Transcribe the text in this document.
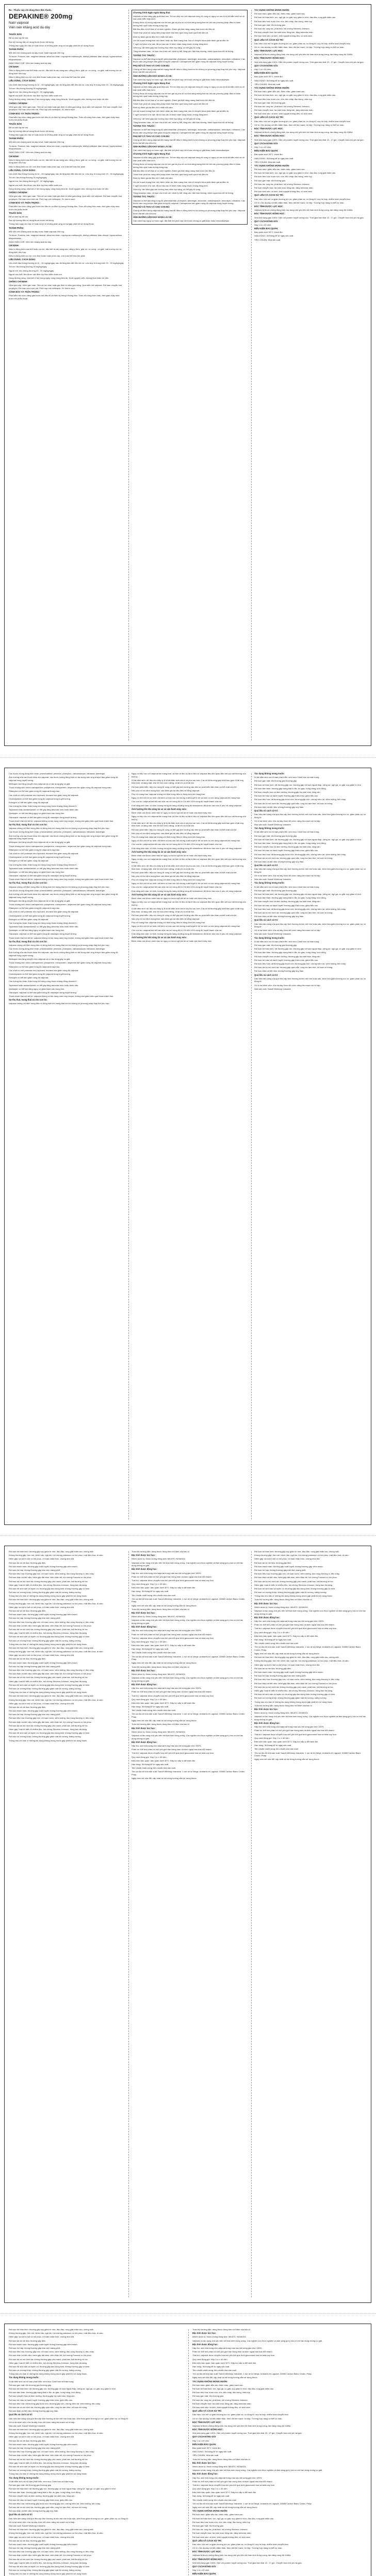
Rx - Thuốc này chỉ dùng theo đơn thuốc.

DEPAKINE® 200mg

Natri valproat

Viên nén kháng acid dạ dày

THUỐC BÁN

Để xa tầm tay trẻ em.

Đọc kỹ hướng dẫn sử dụng thuốc trước khi dùng.

Thông báo ngay cho bác sĩ hoặc dược sĩ những phản ứng có hại gặp phải khi sử dụng thuốc.

THÀNH PHẦN:

Mỗi viên nén kháng acid dạ dày chứa: Natri valproat 200 mg.

Tá dược: Povidon, talc, magnesi stearat, silica keo khan, copolymer methacrylic, diethyl phthalat, titan dioxyd, hypromellose, ethylcellulose...

DẠNG BÀO CHẾ: Viên nén kháng acid dạ dày.

CHỈ ĐỊNH:

Điều trị động kinh toàn thể hoặc cục bộ, đặc biệt là các dạng sau: vắng ý thức, giật cơ, co cứng - co giật, mất trương lực và động kinh hỗn hợp.

Điều trị động kinh cục bộ: cơn đơn thuần hoặc phức tạp, cơn toàn thể hóa thứ phát.

LIỀU DÙNG, CÁCH DÙNG:

Liều khởi đầu thông thường là 10 - 15 mg/kg/ngày, sau đó tăng dần đến liều tối ưu. Liều duy trì trung bình 20 - 30 mg/kg/ngày.

Trẻ em: liều thông thường 30 mg/kg/ngày.

Người lớn: liều thông thường 20 - 30 mg/kg/ngày.

Người cao tuổi: liều được xác định tùy theo kiểm soát cơn.

Dùng đường uống, chia làm 2 lần trong ngày, uống trong bữa ăn. Nuốt nguyên viên, không nhai hoặc bẻ viên.

CHỐNG CHỈ ĐỊNH:

Viêm gan cấp. Viêm gan mạn. Tiền sử cá nhân hoặc gia đình bị viêm gan nặng. Quá mẫn với valproat. Rối loạn chuyển hóa porphyrin. Rối loạn chu trình urê. Phối hợp với mefloquin, St John's wort.

CẢNH BÁO VÀ THẬN TRỌNG:

Phải kiểm tra chức năng gan trước khi điều trị và định kỳ trong 6 tháng đầu. Theo dõi công thức máu, thời gian chảy máu trước khi phẫu thuật.

THUỐC BÁN

Để xa tầm tay trẻ em.

Đọc kỹ hướng dẫn sử dụng thuốc trước khi dùng.

Thông báo ngay cho bác sĩ hoặc dược sĩ những phản ứng có hại gặp phải khi sử dụng thuốc.

THÀNH PHẦN:

Mỗi viên nén kháng acid dạ dày chứa: Natri valproat 200 mg.

Tá dược: Povidon, talc, magnesi stearat, silica keo khan, copolymer methacrylic, diethyl phthalat, titan dioxyd, hypromellose, ethylcellulose...

DẠNG BÀO CHẾ: Viên nén kháng acid dạ dày.

CHỈ ĐỊNH:

Điều trị động kinh toàn thể hoặc cục bộ, đặc biệt là các dạng sau: vắng ý thức, giật cơ, co cứng - co giật, mất trương lực và động kinh hỗn hợp.

Điều trị động kinh cục bộ: cơn đơn thuần hoặc phức tạp, cơn toàn thể hóa thứ phát.

LIỀU DÙNG, CÁCH DÙNG:

Liều khởi đầu thông thường là 10 - 15 mg/kg/ngày, sau đó tăng dần đến liều tối ưu. Liều duy trì trung bình 20 - 30 mg/kg/ngày.

Trẻ em: liều thông thường 30 mg/kg/ngày.

Người lớn: liều thông thường 20 - 30 mg/kg/ngày.

Người cao tuổi: liều được xác định tùy theo kiểm soát cơn.

Dùng đường uống, chia làm 2 lần trong ngày, uống trong bữa ăn. Nuốt nguyên viên, không nhai hoặc bẻ viên.

CHỐNG CHỈ ĐỊNH:

Viêm gan cấp. Viêm gan mạn. Tiền sử cá nhân hoặc gia đình bị viêm gan nặng. Quá mẫn với valproat. Rối loạn chuyển hóa porphyrin. Rối loạn chu trình urê. Phối hợp với mefloquin, St John's wort.

CẢNH BÁO VÀ THẬN TRỌNG:

Phải kiểm tra chức năng gan trước khi điều trị và định kỳ trong 6 tháng đầu. Theo dõi công thức máu, thời gian chảy máu trước khi phẫu thuật.

THUỐC BÁN

Để xa tầm tay trẻ em.

Đọc kỹ hướng dẫn sử dụng thuốc trước khi dùng.

Thông báo ngay cho bác sĩ hoặc dược sĩ những phản ứng có hại gặp phải khi sử dụng thuốc.

THÀNH PHẦN:

Mỗi viên nén kháng acid dạ dày chứa: Natri valproat 200 mg.

Tá dược: Povidon, talc, magnesi stearat, silica keo khan, copolymer methacrylic, diethyl phthalat, titan dioxyd, hypromellose, ethylcellulose...

DẠNG BÀO CHẾ: Viên nén kháng acid dạ dày.

CHỈ ĐỊNH:

Điều trị động kinh toàn thể hoặc cục bộ, đặc biệt là các dạng sau: vắng ý thức, giật cơ, co cứng - co giật, mất trương lực và động kinh hỗn hợp.

Điều trị động kinh cục bộ: cơn đơn thuần hoặc phức tạp, cơn toàn thể hóa thứ phát.

LIỀU DÙNG, CÁCH DÙNG:

Liều khởi đầu thông thường là 10 - 15 mg/kg/ngày, sau đó tăng dần đến liều tối ưu. Liều duy trì trung bình 20 - 30 mg/kg/ngày.

Trẻ em: liều thông thường 30 mg/kg/ngày.

Người lớn: liều thông thường 20 - 30 mg/kg/ngày.

Người cao tuổi: liều được xác định tùy theo kiểm soát cơn.

Dùng đường uống, chia làm 2 lần trong ngày, uống trong bữa ăn. Nuốt nguyên viên, không nhai hoặc bẻ viên.

CHỐNG CHỈ ĐỊNH:

Viêm gan cấp. Viêm gan mạn. Tiền sử cá nhân hoặc gia đình bị viêm gan nặng. Quá mẫn với valproat. Rối loạn chuyển hóa porphyrin. Rối loạn chu trình urê. Phối hợp với mefloquin, St John's wort.

CẢNH BÁO VÀ THẬN TRỌNG:

Phải kiểm tra chức năng gan trước khi điều trị và định kỳ trong 6 tháng đầu. Theo dõi công thức máu, thời gian chảy máu trước khi phẫu thuật.

Chương trình Ngăn ngừa Mang thai:

Valproat có khả năng gây quái thai cao. Trẻ em tiếp xúc với valproat trong tử cung có nguy cơ cao bị dị tật bẩm sinh và rối loạn phát triển thần kinh.

Không được sử dụng valproat cho trẻ em gái và phụ nữ có khả năng mang thai trừ khi các phương pháp điều trị khác không hiệu quả hoặc không dung nạp.

Bắt đầu điều trị bởi bác sĩ có kinh nghiệm. Đánh giá khả năng mang thai trước khi điều trị.

Tránh thai: phải sử dụng biện pháp tránh thai hiệu quả trong suốt quá trình điều trị.

Định kỳ đánh giá lại điều trị ít nhất mỗi năm.

Lên kế hoạch mang thai: nếu bệnh nhân dự định mang thai, bác sĩ chuyên khoa phải đánh giá lại điều trị.

Ý nghĩ và hành vi tự sát: đã có báo cáo ở bệnh nhân dùng thuốc chống động kinh.

Viêm tụy: rất hiếm gặp các trường hợp viêm tụy nặng, có thể gây tử vong.

Tăng amoniac máu, rối loạn chu trình urê, bệnh ty thể, tăng cân, đái tháo đường, bệnh lupus ban đỏ hệ thống.

TƯƠNG TÁC THUỐC:

Valproat có thể làm tăng nồng độ phenobarbital, phenytoin, lamotrigin, zidovudin, carbamazepin, nimodipin, rufinamid. Các thuốc cảm ứng enzym làm giảm nồng độ valproat. Carbapenem làm giảm nồng độ valproat trong huyết tương.

PHỤ NỮ CÓ THAI VÀ CHO CON BÚ:

Chống chỉ định dùng valproat khi mang thai để điều trị động kinh trừ khi không có phương pháp thay thế phù hợp. Valproat được bài tiết vào sữa mẹ.

ẢNH HƯỞNG LÊN KHẢ NĂNG LÁI XE:

Cần cảnh báo nguy cơ buồn ngủ, đặc biệt khi phối hợp với thuốc chống co giật khác hoặc benzodiazepin.

Chương trình Ngăn ngừa Mang thai:

Valproat có khả năng gây quái thai cao. Trẻ em tiếp xúc với valproat trong tử cung có nguy cơ cao bị dị tật bẩm sinh và rối loạn phát triển thần kinh.

Không được sử dụng valproat cho trẻ em gái và phụ nữ có khả năng mang thai trừ khi các phương pháp điều trị khác không hiệu quả hoặc không dung nạp.

Bắt đầu điều trị bởi bác sĩ có kinh nghiệm. Đánh giá khả năng mang thai trước khi điều trị.

Tránh thai: phải sử dụng biện pháp tránh thai hiệu quả trong suốt quá trình điều trị.

Định kỳ đánh giá lại điều trị ít nhất mỗi năm.

Lên kế hoạch mang thai: nếu bệnh nhân dự định mang thai, bác sĩ chuyên khoa phải đánh giá lại điều trị.

Ý nghĩ và hành vi tự sát: đã có báo cáo ở bệnh nhân dùng thuốc chống động kinh.

Viêm tụy: rất hiếm gặp các trường hợp viêm tụy nặng, có thể gây tử vong.

Tăng amoniac máu, rối loạn chu trình urê, bệnh ty thể, tăng cân, đái tháo đường, bệnh lupus ban đỏ hệ thống.

TƯƠNG TÁC THUỐC:

Valproat có thể làm tăng nồng độ phenobarbital, phenytoin, lamotrigin, zidovudin, carbamazepin, nimodipin, rufinamid. Các thuốc cảm ứng enzym làm giảm nồng độ valproat. Carbapenem làm giảm nồng độ valproat trong huyết tương.

PHỤ NỮ CÓ THAI VÀ CHO CON BÚ:

Chống chỉ định dùng valproat khi mang thai để điều trị động kinh trừ khi không có phương pháp thay thế phù hợp. Valproat được bài tiết vào sữa mẹ.

ẢNH HƯỞNG LÊN KHẢ NĂNG LÁI XE:

Cần cảnh báo nguy cơ buồn ngủ, đặc biệt khi phối hợp với thuốc chống co giật khác hoặc benzodiazepin.

Chương trình Ngăn ngừa Mang thai:

Valproat có khả năng gây quái thai cao. Trẻ em tiếp xúc với valproat trong tử cung có nguy cơ cao bị dị tật bẩm sinh và rối loạn phát triển thần kinh.

Không được sử dụng valproat cho trẻ em gái và phụ nữ có khả năng mang thai trừ khi các phương pháp điều trị khác không hiệu quả hoặc không dung nạp.

Bắt đầu điều trị bởi bác sĩ có kinh nghiệm. Đánh giá khả năng mang thai trước khi điều trị.

Tránh thai: phải sử dụng biện pháp tránh thai hiệu quả trong suốt quá trình điều trị.

Định kỳ đánh giá lại điều trị ít nhất mỗi năm.

Lên kế hoạch mang thai: nếu bệnh nhân dự định mang thai, bác sĩ chuyên khoa phải đánh giá lại điều trị.

Ý nghĩ và hành vi tự sát: đã có báo cáo ở bệnh nhân dùng thuốc chống động kinh.

Viêm tụy: rất hiếm gặp các trường hợp viêm tụy nặng, có thể gây tử vong.

Tăng amoniac máu, rối loạn chu trình urê, bệnh ty thể, tăng cân, đái tháo đường, bệnh lupus ban đỏ hệ thống.

TƯƠNG TÁC THUỐC:

Valproat có thể làm tăng nồng độ phenobarbital, phenytoin, lamotrigin, zidovudin, carbamazepin, nimodipin, rufinamid. Các thuốc cảm ứng enzym làm giảm nồng độ valproat. Carbapenem làm giảm nồng độ valproat trong huyết tương.

PHỤ NỮ CÓ THAI VÀ CHO CON BÚ:

Chống chỉ định dùng valproat khi mang thai để điều trị động kinh trừ khi không có phương pháp thay thế phù hợp. Valproat được bài tiết vào sữa mẹ.

ẢNH HƯỞNG LÊN KHẢ NĂNG LÁI XE:

Cần cảnh báo nguy cơ buồn ngủ, đặc biệt khi phối hợp với thuốc chống co giật khác hoặc benzodiazepin.

TÁC DỤNG KHÔNG MONG MUỐN:

Rối loạn máu: giảm tiểu cầu, thiếu máu, giảm bạch cầu.

Rối loạn hệ thần kinh: run, ngủ gà, co giật, suy giảm trí nhớ, đau đầu, rung giật nhãn cầu.

Rối loạn tiêu hóa: buồn nôn, nôn, tiêu chảy, đau bụng, viêm tụy.

Rối loạn gan mật: tổn thương gan.

Rối loạn da: rụng tóc, phát ban, hội chứng Stevens-Johnson.

Rối loạn chuyển hóa: hạ natri máu, tăng cân, tăng amoniac máu.

Rối loạn sinh sản: vô kinh, kinh nguyệt không đều, vô sinh nam.

QUÁ LIỀU VÀ CÁCH XỬ TRÍ:

Dấu hiệu: hôn mê có giảm trương lực cơ, giảm phản xạ, co đồng tử, suy hô hấp, nhiễm toan chuyển hóa.

Xử trí: rửa dạ dày, lợi tiểu thẩm thấu, theo dõi tim mạch, hô hấp. Trường hợp nặng có thể lọc máu.

ĐẶC TÍNH DƯỢC LỰC HỌC:

Valproat là thuốc chống động kinh, tác dụng chủ yếu trên hệ thần kinh trung ương, làm tăng nồng độ GABA.

ĐẶC TÍNH DƯỢC ĐỘNG HỌC:

Sinh khả dụng gần 100%. Gắn với protein huyết tương cao. Thời gian bán thải 15 - 17 giờ. Chuyển hóa chủ yếu tại gan.

QUY CÁCH ĐÓNG GÓI:

Hộp 1 lọ x 40 viên.

ĐIỀU KIỆN BẢO QUẢN:

Bảo quản dưới 30°C, tránh ẩm.

HẠN DÙNG: 36 tháng kể từ ngày sản xuất.

TIÊU CHUẨN: Nhà sản xuất.

TÁC DỤNG KHÔNG MONG MUỐN:

Rối loạn máu: giảm tiểu cầu, thiếu máu, giảm bạch cầu.

Rối loạn hệ thần kinh: run, ngủ gà, co giật, suy giảm trí nhớ, đau đầu, rung giật nhãn cầu.

Rối loạn tiêu hóa: buồn nôn, nôn, tiêu chảy, đau bụng, viêm tụy.

Rối loạn gan mật: tổn thương gan.

Rối loạn da: rụng tóc, phát ban, hội chứng Stevens-Johnson.

Rối loạn chuyển hóa: hạ natri máu, tăng cân, tăng amoniac máu.

Rối loạn sinh sản: vô kinh, kinh nguyệt không đều, vô sinh nam.

QUÁ LIỀU VÀ CÁCH XỬ TRÍ:

Dấu hiệu: hôn mê có giảm trương lực cơ, giảm phản xạ, co đồng tử, suy hô hấp, nhiễm toan chuyển hóa.

Xử trí: rửa dạ dày, lợi tiểu thẩm thấu, theo dõi tim mạch, hô hấp. Trường hợp nặng có thể lọc máu.

ĐẶC TÍNH DƯỢC LỰC HỌC:

Valproat là thuốc chống động kinh, tác dụng chủ yếu trên hệ thần kinh trung ương, làm tăng nồng độ GABA.

ĐẶC TÍNH DƯỢC ĐỘNG HỌC:

Sinh khả dụng gần 100%. Gắn với protein huyết tương cao. Thời gian bán thải 15 - 17 giờ. Chuyển hóa chủ yếu tại gan.

QUY CÁCH ĐÓNG GÓI:

Hộp 1 lọ x 40 viên.

ĐIỀU KIỆN BẢO QUẢN:

Bảo quản dưới 30°C, tránh ẩm.

HẠN DÙNG: 36 tháng kể từ ngày sản xuất.

TIÊU CHUẨN: Nhà sản xuất.

TÁC DỤNG KHÔNG MONG MUỐN:

Rối loạn máu: giảm tiểu cầu, thiếu máu, giảm bạch cầu.

Rối loạn hệ thần kinh: run, ngủ gà, co giật, suy giảm trí nhớ, đau đầu, rung giật nhãn cầu.

Rối loạn tiêu hóa: buồn nôn, nôn, tiêu chảy, đau bụng, viêm tụy.

Rối loạn gan mật: tổn thương gan.

Rối loạn da: rụng tóc, phát ban, hội chứng Stevens-Johnson.

Rối loạn chuyển hóa: hạ natri máu, tăng cân, tăng amoniac máu.

Rối loạn sinh sản: vô kinh, kinh nguyệt không đều, vô sinh nam.

QUÁ LIỀU VÀ CÁCH XỬ TRÍ:

Dấu hiệu: hôn mê có giảm trương lực cơ, giảm phản xạ, co đồng tử, suy hô hấp, nhiễm toan chuyển hóa.

Xử trí: rửa dạ dày, lợi tiểu thẩm thấu, theo dõi tim mạch, hô hấp. Trường hợp nặng có thể lọc máu.

ĐẶC TÍNH DƯỢC LỰC HỌC:

Valproat là thuốc chống động kinh, tác dụng chủ yếu trên hệ thần kinh trung ương, làm tăng nồng độ GABA.

ĐẶC TÍNH DƯỢC ĐỘNG HỌC:

Sinh khả dụng gần 100%. Gắn với protein huyết tương cao. Thời gian bán thải 15 - 17 giờ. Chuyển hóa chủ yếu tại gan.

QUY CÁCH ĐÓNG GÓI:

Hộp 1 lọ x 40 viên.

ĐIỀU KIỆN BẢO QUẢN:

Bảo quản dưới 30°C, tránh ẩm.

HẠN DÙNG: 36 tháng kể từ ngày sản xuất.

TIÊU CHUẨN: Nhà sản xuất.

Các thuốc chống động kinh khác: phenobarbital, primidon, phenytoin, carbamazepin, felbamat, lamotrigin.

Ảnh hưởng của các thuốc khác lên valproat: các thuốc chống động kinh có tác dụng cảm ứng enzym làm giảm nồng độ valproat trong huyết tương.

Mefloquin làm tăng chuyển hóa valproat và có tác dụng gây co giật.

Thuốc kháng sinh nhóm carbapenem: panipenem, meropenem, imipenem làm giảm nồng độ valproat trong máu.

Rifampicin có thể làm giảm nồng độ valproat trong máu.

Các chất ức chế protease như lopinavir, ritonavir làm giảm nồng độ valproat.

Cholestyramin có thể làm giảm nồng độ valproat trong huyết tương.

Estrogen có thể làm giảm nồng độ valproat.

Các tương tác khác: thận trọng khi dùng cùng thuốc kháng đông vitamin K.

Topiramat hoặc acetazolamid: có thể gây tăng amoniac máu hoặc bệnh não.

Quetiapin: có thể làm tăng nguy cơ giảm bạch cầu trung tính.

Olanzapin: valproat có thể làm giảm nồng độ olanzapin trong huyết tương.

Thuốc tránh thai nội tiết tố: valproat không có tác dụng cảm ứng enzym, không làm giảm hiệu quả thuốc tránh thai.

Sự thụ thai, mang thai và cho con bú:

Valproat chống chỉ định trong điều trị động kinh khi mang thai trừ khi không có phương pháp thay thế phù hợp.

Các thuốc chống động kinh khác: phenobarbital, primidon, phenytoin, carbamazepin, felbamat, lamotrigin.

Ảnh hưởng của các thuốc khác lên valproat: các thuốc chống động kinh có tác dụng cảm ứng enzym làm giảm nồng độ valproat trong huyết tương.

Mefloquin làm tăng chuyển hóa valproat và có tác dụng gây co giật.

Thuốc kháng sinh nhóm carbapenem: panipenem, meropenem, imipenem làm giảm nồng độ valproat trong máu.

Rifampicin có thể làm giảm nồng độ valproat trong máu.

Các chất ức chế protease như lopinavir, ritonavir làm giảm nồng độ valproat.

Cholestyramin có thể làm giảm nồng độ valproat trong huyết tương.

Estrogen có thể làm giảm nồng độ valproat.

Các tương tác khác: thận trọng khi dùng cùng thuốc kháng đông vitamin K.

Topiramat hoặc acetazolamid: có thể gây tăng amoniac máu hoặc bệnh não.

Quetiapin: có thể làm tăng nguy cơ giảm bạch cầu trung tính.

Olanzapin: valproat có thể làm giảm nồng độ olanzapin trong huyết tương.

Thuốc tránh thai nội tiết tố: valproat không có tác dụng cảm ứng enzym, không làm giảm hiệu quả thuốc tránh thai.

Sự thụ thai, mang thai và cho con bú:

Valproat chống chỉ định trong điều trị động kinh khi mang thai trừ khi không có phương pháp thay thế phù hợp.

Các thuốc chống động kinh khác: phenobarbital, primidon, phenytoin, carbamazepin, felbamat, lamotrigin.

Ảnh hưởng của các thuốc khác lên valproat: các thuốc chống động kinh có tác dụng cảm ứng enzym làm giảm nồng độ valproat trong huyết tương.

Mefloquin làm tăng chuyển hóa valproat và có tác dụng gây co giật.

Thuốc kháng sinh nhóm carbapenem: panipenem, meropenem, imipenem làm giảm nồng độ valproat trong máu.

Rifampicin có thể làm giảm nồng độ valproat trong máu.

Các chất ức chế protease như lopinavir, ritonavir làm giảm nồng độ valproat.

Cholestyramin có thể làm giảm nồng độ valproat trong huyết tương.

Estrogen có thể làm giảm nồng độ valproat.

Các tương tác khác: thận trọng khi dùng cùng thuốc kháng đông vitamin K.

Topiramat hoặc acetazolamid: có thể gây tăng amoniac máu hoặc bệnh não.

Quetiapin: có thể làm tăng nguy cơ giảm bạch cầu trung tính.

Olanzapin: valproat có thể làm giảm nồng độ olanzapin trong huyết tương.

Thuốc tránh thai nội tiết tố: valproat không có tác dụng cảm ứng enzym, không làm giảm hiệu quả thuốc tránh thai.

Sự thụ thai, mang thai và cho con bú:

Valproat chống chỉ định trong điều trị động kinh khi mang thai trừ khi không có phương pháp thay thế phù hợp.

Các thuốc chống động kinh khác: phenobarbital, primidon, phenytoin, carbamazepin, felbamat, lamotrigin.

Ảnh hưởng của các thuốc khác lên valproat: các thuốc chống động kinh có tác dụng cảm ứng enzym làm giảm nồng độ valproat trong huyết tương.

Mefloquin làm tăng chuyển hóa valproat và có tác dụng gây co giật.

Thuốc kháng sinh nhóm carbapenem: panipenem, meropenem, imipenem làm giảm nồng độ valproat trong máu.

Rifampicin có thể làm giảm nồng độ valproat trong máu.

Các chất ức chế protease như lopinavir, ritonavir làm giảm nồng độ valproat.

Cholestyramin có thể làm giảm nồng độ valproat trong huyết tương.

Estrogen có thể làm giảm nồng độ valproat.

Các tương tác khác: thận trọng khi dùng cùng thuốc kháng đông vitamin K.

Topiramat hoặc acetazolamid: có thể gây tăng amoniac máu hoặc bệnh não.

Quetiapin: có thể làm tăng nguy cơ giảm bạch cầu trung tính.

Olanzapin: valproat có thể làm giảm nồng độ olanzapin trong huyết tương.

Thuốc tránh thai nội tiết tố: valproat không có tác dụng cảm ứng enzym, không làm giảm hiệu quả thuốc tránh thai.

Sự thụ thai, mang thai và cho con bú:

Valproat chống chỉ định trong điều trị động kinh khi mang thai trừ khi không có phương pháp thay thế phù hợp.

Nguy cơ tiếp xúc với valproat khi mang thai: cả đơn trị liệu và đa trị liệu có valproat đều liên quan đến kết cục bất thường của thai kỳ.

Dị tật bẩm sinh: dữ liệu cho thấy tỷ lệ dị tật bẩm sinh chính và phụ cao hơn. Các dị tật thường gặp nhất bao gồm dị tật ống thần kinh, dị dạng mặt, khe hở môi vòm miệng, dị tật chi và dị tật tim.

Rối loạn phát triển: tiếp xúc trong tử cung có thể gây ảnh hưởng xấu đến sự phát triển tâm thần và thể chất của trẻ.

Nếu phụ nữ dự định mang thai: cần đánh giá lại việc điều trị bằng valproat.

Phụ nữ mang thai: valproat chống chỉ định trong điều trị động kinh khi mang thai.

Nguy cơ đối với trẻ sơ sinh: rất hiếm có báo cáo hội chứng xuất huyết ở trẻ sơ sinh có mẹ dùng valproat khi mang thai.

Cho con bú: valproat bài tiết vào sữa mẹ với nồng độ từ 1% đến 10% nồng độ huyết thanh của mẹ.

Khả năng sinh sản: vô kinh, buồng trứng đa nang và tăng nồng độ testosteron đã được báo cáo ở phụ nữ dùng valproat.

Ảnh hưởng lên khả năng lái xe và vận hành máy móc:

Bệnh nhân cần được cảnh báo về nguy cơ buồn ngủ khi lái xe hoặc vận hành máy móc.

Nguy cơ tiếp xúc với valproat khi mang thai: cả đơn trị liệu và đa trị liệu có valproat đều liên quan đến kết cục bất thường của thai kỳ.

Dị tật bẩm sinh: dữ liệu cho thấy tỷ lệ dị tật bẩm sinh chính và phụ cao hơn. Các dị tật thường gặp nhất bao gồm dị tật ống thần kinh, dị dạng mặt, khe hở môi vòm miệng, dị tật chi và dị tật tim.

Rối loạn phát triển: tiếp xúc trong tử cung có thể gây ảnh hưởng xấu đến sự phát triển tâm thần và thể chất của trẻ.

Nếu phụ nữ dự định mang thai: cần đánh giá lại việc điều trị bằng valproat.

Phụ nữ mang thai: valproat chống chỉ định trong điều trị động kinh khi mang thai.

Nguy cơ đối với trẻ sơ sinh: rất hiếm có báo cáo hội chứng xuất huyết ở trẻ sơ sinh có mẹ dùng valproat khi mang thai.

Cho con bú: valproat bài tiết vào sữa mẹ với nồng độ từ 1% đến 10% nồng độ huyết thanh của mẹ.

Khả năng sinh sản: vô kinh, buồng trứng đa nang và tăng nồng độ testosteron đã được báo cáo ở phụ nữ dùng valproat.

Ảnh hưởng lên khả năng lái xe và vận hành máy móc:

Bệnh nhân cần được cảnh báo về nguy cơ buồn ngủ khi lái xe hoặc vận hành máy móc.

Nguy cơ tiếp xúc với valproat khi mang thai: cả đơn trị liệu và đa trị liệu có valproat đều liên quan đến kết cục bất thường của thai kỳ.

Dị tật bẩm sinh: dữ liệu cho thấy tỷ lệ dị tật bẩm sinh chính và phụ cao hơn. Các dị tật thường gặp nhất bao gồm dị tật ống thần kinh, dị dạng mặt, khe hở môi vòm miệng, dị tật chi và dị tật tim.

Rối loạn phát triển: tiếp xúc trong tử cung có thể gây ảnh hưởng xấu đến sự phát triển tâm thần và thể chất của trẻ.

Nếu phụ nữ dự định mang thai: cần đánh giá lại việc điều trị bằng valproat.

Phụ nữ mang thai: valproat chống chỉ định trong điều trị động kinh khi mang thai.

Nguy cơ đối với trẻ sơ sinh: rất hiếm có báo cáo hội chứng xuất huyết ở trẻ sơ sinh có mẹ dùng valproat khi mang thai.

Cho con bú: valproat bài tiết vào sữa mẹ với nồng độ từ 1% đến 10% nồng độ huyết thanh của mẹ.

Khả năng sinh sản: vô kinh, buồng trứng đa nang và tăng nồng độ testosteron đã được báo cáo ở phụ nữ dùng valproat.

Ảnh hưởng lên khả năng lái xe và vận hành máy móc:

Bệnh nhân cần được cảnh báo về nguy cơ buồn ngủ khi lái xe hoặc vận hành máy móc.

Nguy cơ tiếp xúc với valproat khi mang thai: cả đơn trị liệu và đa trị liệu có valproat đều liên quan đến kết cục bất thường của thai kỳ.

Dị tật bẩm sinh: dữ liệu cho thấy tỷ lệ dị tật bẩm sinh chính và phụ cao hơn. Các dị tật thường gặp nhất bao gồm dị tật ống thần kinh, dị dạng mặt, khe hở môi vòm miệng, dị tật chi và dị tật tim.

Rối loạn phát triển: tiếp xúc trong tử cung có thể gây ảnh hưởng xấu đến sự phát triển tâm thần và thể chất của trẻ.

Nếu phụ nữ dự định mang thai: cần đánh giá lại việc điều trị bằng valproat.

Phụ nữ mang thai: valproat chống chỉ định trong điều trị động kinh khi mang thai.

Nguy cơ đối với trẻ sơ sinh: rất hiếm có báo cáo hội chứng xuất huyết ở trẻ sơ sinh có mẹ dùng valproat khi mang thai.

Cho con bú: valproat bài tiết vào sữa mẹ với nồng độ từ 1% đến 10% nồng độ huyết thanh của mẹ.

Khả năng sinh sản: vô kinh, buồng trứng đa nang và tăng nồng độ testosteron đã được báo cáo ở phụ nữ dùng valproat.

Ảnh hưởng lên khả năng lái xe và vận hành máy móc:

Bệnh nhân cần được cảnh báo về nguy cơ buồn ngủ khi lái xe hoặc vận hành máy móc.

Tác dụng không mong muốn:

Dị tật bẩm sinh và rối loạn phát triển: xem mục Cảnh báo và thận trọng.

Rối loạn gan mật: tổn thương gan thường gặp.

Rối loạn hệ thần kinh: rất thường gặp run; thường gặp rối loạn ngoại tháp, sững sờ, ngủ gà, co giật, suy giảm trí nhớ.

Rối loạn tâm thần: thường gặp trạng thái lú lẫn, ảo giác, hung hăng, kích động.

Rối loạn chuyển hóa và dinh dưỡng: thường gặp hạ natri máu, tăng cân.

Rối loạn hệ máu và bạch huyết: thường gặp thiếu máu, giảm tiểu cầu.

Rối loạn tiêu hóa: rất thường gặp buồn nôn; thường gặp nôn, chứng viêm lợi, viêm miệng, tiêu chảy.

Rối loạn da và mô dưới da: thường gặp quá mẫn, rụng tóc tạm thời, rối loạn về móng.

Rối loạn thận và tiết niệu: không thường gặp suy thận.

Quá liều và cách xử trí:

Dấu hiệu lâm sàng của quá liều cấp tính thường là hôn mê nhẹ hoặc sâu, kèm theo giảm trương lực cơ, giảm phản xạ, co đồng tử.

Xử trí tại bệnh viện: rửa dạ dày, theo dõi chức năng tim mạch và hô hấp.

Nhà sản xuất: Sanofi Winthrop Industrie.

Tác dụng không mong muốn:

Dị tật bẩm sinh và rối loạn phát triển: xem mục Cảnh báo và thận trọng.

Rối loạn gan mật: tổn thương gan thường gặp.

Rối loạn hệ thần kinh: rất thường gặp run; thường gặp rối loạn ngoại tháp, sững sờ, ngủ gà, co giật, suy giảm trí nhớ.

Rối loạn tâm thần: thường gặp trạng thái lú lẫn, ảo giác, hung hăng, kích động.

Rối loạn chuyển hóa và dinh dưỡng: thường gặp hạ natri máu, tăng cân.

Rối loạn hệ máu và bạch huyết: thường gặp thiếu máu, giảm tiểu cầu.

Rối loạn tiêu hóa: rất thường gặp buồn nôn; thường gặp nôn, chứng viêm lợi, viêm miệng, tiêu chảy.

Rối loạn da và mô dưới da: thường gặp quá mẫn, rụng tóc tạm thời, rối loạn về móng.

Rối loạn thận và tiết niệu: không thường gặp suy thận.

Quá liều và cách xử trí:

Dấu hiệu lâm sàng của quá liều cấp tính thường là hôn mê nhẹ hoặc sâu, kèm theo giảm trương lực cơ, giảm phản xạ, co đồng tử.

Xử trí tại bệnh viện: rửa dạ dày, theo dõi chức năng tim mạch và hô hấp.

Nhà sản xuất: Sanofi Winthrop Industrie.

Tác dụng không mong muốn:

Dị tật bẩm sinh và rối loạn phát triển: xem mục Cảnh báo và thận trọng.

Rối loạn gan mật: tổn thương gan thường gặp.

Rối loạn hệ thần kinh: rất thường gặp run; thường gặp rối loạn ngoại tháp, sững sờ, ngủ gà, co giật, suy giảm trí nhớ.

Rối loạn tâm thần: thường gặp trạng thái lú lẫn, ảo giác, hung hăng, kích động.

Rối loạn chuyển hóa và dinh dưỡng: thường gặp hạ natri máu, tăng cân.

Rối loạn hệ máu và bạch huyết: thường gặp thiếu máu, giảm tiểu cầu.

Rối loạn tiêu hóa: rất thường gặp buồn nôn; thường gặp nôn, chứng viêm lợi, viêm miệng, tiêu chảy.

Rối loạn da và mô dưới da: thường gặp quá mẫn, rụng tóc tạm thời, rối loạn về móng.

Rối loạn thận và tiết niệu: không thường gặp suy thận.

Quá liều và cách xử trí:

Dấu hiệu lâm sàng của quá liều cấp tính thường là hôn mê nhẹ hoặc sâu, kèm theo giảm trương lực cơ, giảm phản xạ, co đồng tử.

Xử trí tại bệnh viện: rửa dạ dày, theo dõi chức năng tim mạch và hô hấp.

Nhà sản xuất: Sanofi Winthrop Industrie.

Tác dụng không mong muốn:

Dị tật bẩm sinh và rối loạn phát triển: xem mục Cảnh báo và thận trọng.

Rối loạn gan mật: tổn thương gan thường gặp.

Rối loạn hệ thần kinh: rất thường gặp run; thường gặp rối loạn ngoại tháp, sững sờ, ngủ gà, co giật, suy giảm trí nhớ.

Rối loạn tâm thần: thường gặp trạng thái lú lẫn, ảo giác, hung hăng, kích động.

Rối loạn chuyển hóa và dinh dưỡng: thường gặp hạ natri máu, tăng cân.

Rối loạn hệ máu và bạch huyết: thường gặp thiếu máu, giảm tiểu cầu.

Rối loạn tiêu hóa: rất thường gặp buồn nôn; thường gặp nôn, chứng viêm lợi, viêm miệng, tiêu chảy.

Rối loạn da và mô dưới da: thường gặp quá mẫn, rụng tóc tạm thời, rối loạn về móng.

Rối loạn thận và tiết niệu: không thường gặp suy thận.

Quá liều và cách xử trí:

Dấu hiệu lâm sàng của quá liều cấp tính thường là hôn mê nhẹ hoặc sâu, kèm theo giảm trương lực cơ, giảm phản xạ, co đồng tử.

Xử trí tại bệnh viện: rửa dạ dày, theo dõi chức năng tim mạch và hô hấp.

Nhà sản xuất: Sanofi Winthrop Industrie.

Rối loạn hệ thần kinh: thường gặp suy giảm trí nhớ, đau đầu, rung giật nhãn cầu, chóng mặt.

Không thường gặp: hôn mê, bệnh não, ngủ lịm, hội chứng parkinson có hồi phục, mất điều hòa, dị cảm.

Hiếm gặp: sa sút trí tuệ có hồi phục, rối loạn nhận thức, chứng nhìn đôi.

Rối loạn tai và mê đạo: thường gặp điếc.

Rối loạn mạch máu: thường gặp xuất huyết; không thường gặp viêm mạch.

Rối loạn hô hấp: không thường gặp tràn dịch màng phổi.

Rối loạn tiêu hóa: thường gặp nôn, rối loạn nướu, viêm miệng, đau vùng thượng vị, tiêu chảy.

Rối loạn thận và tiết niệu: hiếm gặp đái dầm, viêm thận kẽ, hội chứng Fanconi có hồi phục.

Rối loạn da và mô dưới da: không thường gặp phù mạch, phát ban, bất thường về tóc.

Hiếm gặp: hoại tử biểu bì nhiễm độc, hội chứng Stevens-Johnson, hồng ban đa dạng.

Rối loạn hệ sinh sản và tuyến vú: thường gặp đau bụng kinh; không thường gặp vô kinh.

Rối loạn cơ xương khớp: không thường gặp giảm mật độ xương, loãng xương.

Thông báo cho bác sĩ những tác dụng không mong muốn gặp phải khi sử dụng thuốc.

Rối loạn hệ thần kinh: thường gặp suy giảm trí nhớ, đau đầu, rung giật nhãn cầu, chóng mặt.

Không thường gặp: hôn mê, bệnh não, ngủ lịm, hội chứng parkinson có hồi phục, mất điều hòa, dị cảm.

Hiếm gặp: sa sút trí tuệ có hồi phục, rối loạn nhận thức, chứng nhìn đôi.

Rối loạn tai và mê đạo: thường gặp điếc.

Rối loạn mạch máu: thường gặp xuất huyết; không thường gặp viêm mạch.

Rối loạn hô hấp: không thường gặp tràn dịch màng phổi.

Rối loạn tiêu hóa: thường gặp nôn, rối loạn nướu, viêm miệng, đau vùng thượng vị, tiêu chảy.

Rối loạn thận và tiết niệu: hiếm gặp đái dầm, viêm thận kẽ, hội chứng Fanconi có hồi phục.

Rối loạn da và mô dưới da: không thường gặp phù mạch, phát ban, bất thường về tóc.

Hiếm gặp: hoại tử biểu bì nhiễm độc, hội chứng Stevens-Johnson, hồng ban đa dạng.

Rối loạn hệ sinh sản và tuyến vú: thường gặp đau bụng kinh; không thường gặp vô kinh.

Rối loạn cơ xương khớp: không thường gặp giảm mật độ xương, loãng xương.

Thông báo cho bác sĩ những tác dụng không mong muốn gặp phải khi sử dụng thuốc.

Rối loạn hệ thần kinh: thường gặp suy giảm trí nhớ, đau đầu, rung giật nhãn cầu, chóng mặt.

Không thường gặp: hôn mê, bệnh não, ngủ lịm, hội chứng parkinson có hồi phục, mất điều hòa, dị cảm.

Hiếm gặp: sa sút trí tuệ có hồi phục, rối loạn nhận thức, chứng nhìn đôi.

Rối loạn tai và mê đạo: thường gặp điếc.

Rối loạn mạch máu: thường gặp xuất huyết; không thường gặp viêm mạch.

Rối loạn hô hấp: không thường gặp tràn dịch màng phổi.

Rối loạn tiêu hóa: thường gặp nôn, rối loạn nướu, viêm miệng, đau vùng thượng vị, tiêu chảy.

Rối loạn thận và tiết niệu: hiếm gặp đái dầm, viêm thận kẽ, hội chứng Fanconi có hồi phục.

Rối loạn da và mô dưới da: không thường gặp phù mạch, phát ban, bất thường về tóc.

Hiếm gặp: hoại tử biểu bì nhiễm độc, hội chứng Stevens-Johnson, hồng ban đa dạng.

Rối loạn hệ sinh sản và tuyến vú: thường gặp đau bụng kinh; không thường gặp vô kinh.

Rối loạn cơ xương khớp: không thường gặp giảm mật độ xương, loãng xương.

Thông báo cho bác sĩ những tác dụng không mong muốn gặp phải khi sử dụng thuốc.

Rối loạn hệ thần kinh: thường gặp suy giảm trí nhớ, đau đầu, rung giật nhãn cầu, chóng mặt.

Không thường gặp: hôn mê, bệnh não, ngủ lịm, hội chứng parkinson có hồi phục, mất điều hòa, dị cảm.

Hiếm gặp: sa sút trí tuệ có hồi phục, rối loạn nhận thức, chứng nhìn đôi.

Rối loạn tai và mê đạo: thường gặp điếc.

Rối loạn mạch máu: thường gặp xuất huyết; không thường gặp viêm mạch.

Rối loạn hô hấp: không thường gặp tràn dịch màng phổi.

Rối loạn tiêu hóa: thường gặp nôn, rối loạn nướu, viêm miệng, đau vùng thượng vị, tiêu chảy.

Rối loạn thận và tiết niệu: hiếm gặp đái dầm, viêm thận kẽ, hội chứng Fanconi có hồi phục.

Rối loạn da và mô dưới da: không thường gặp phù mạch, phát ban, bất thường về tóc.

Hiếm gặp: hoại tử biểu bì nhiễm độc, hội chứng Stevens-Johnson, hồng ban đa dạng.

Rối loạn hệ sinh sản và tuyến vú: thường gặp đau bụng kinh; không thường gặp vô kinh.

Rối loạn cơ xương khớp: không thường gặp giảm mật độ xương, loãng xương.

Thông báo cho bác sĩ những tác dụng không mong muốn gặp phải khi sử dụng thuốc.

Tuân thủ hướng dẫn: dùng thuốc đúng theo chỉ định của bác sĩ.

Đặc tính dược lực học:

Nhóm dược lý: thuốc chống động kinh. Mã ATC: N03AG01.

Valproat có tác dụng chủ yếu trên hệ thần kinh trung ương. Các nghiên cứu thực nghiệm và lâm sàng gợi ý hai cơ chế tác dụng chống co giật.

Đặc tính dược động học:

Hấp thu: sinh khả dụng của valproat trong máu sau khi uống gần như 100%.

Phân bố: thể tích phân bố chủ yếu giới hạn trong máu và dịch ngoại bào trao đổi nhanh.

Thải trừ: valproat được chuyển hóa chủ yếu bởi quá trình glucuronid hóa và beta-oxy hóa.

Quy cách đóng gói: Hộp 1 lọ x 40 viên.

Điều kiện bảo quản: bảo quản dưới 30°C. Đậy kín nắp lọ để tránh ẩm.

Hạn dùng: 36 tháng kể từ ngày sản xuất.

Tiêu chuẩn chất lượng: tiêu chuẩn nhà sản xuất.

Tên và địa chỉ nhà sản xuất: Sanofi Winthrop Industrie, 1 rue de la Vierge, Ambarès et Lagrave, 33565 Carbon Blanc Cedex, Pháp.

Ngày xem xét sửa đổi, cập nhật lại nội dung hướng dẫn sử dụng thuốc.

Tuân thủ hướng dẫn: dùng thuốc đúng theo chỉ định của bác sĩ.

Đặc tính dược lực học:

Nhóm dược lý: thuốc chống động kinh. Mã ATC: N03AG01.

Valproat có tác dụng chủ yếu trên hệ thần kinh trung ương. Các nghiên cứu thực nghiệm và lâm sàng gợi ý hai cơ chế tác dụng chống co giật.

Đặc tính dược động học:

Hấp thu: sinh khả dụng của valproat trong máu sau khi uống gần như 100%.

Phân bố: thể tích phân bố chủ yếu giới hạn trong máu và dịch ngoại bào trao đổi nhanh.

Thải trừ: valproat được chuyển hóa chủ yếu bởi quá trình glucuronid hóa và beta-oxy hóa.

Quy cách đóng gói: Hộp 1 lọ x 40 viên.

Điều kiện bảo quản: bảo quản dưới 30°C. Đậy kín nắp lọ để tránh ẩm.

Hạn dùng: 36 tháng kể từ ngày sản xuất.

Tiêu chuẩn chất lượng: tiêu chuẩn nhà sản xuất.

Tên và địa chỉ nhà sản xuất: Sanofi Winthrop Industrie, 1 rue de la Vierge, Ambarès et Lagrave, 33565 Carbon Blanc Cedex, Pháp.

Ngày xem xét sửa đổi, cập nhật lại nội dung hướng dẫn sử dụng thuốc.

Tuân thủ hướng dẫn: dùng thuốc đúng theo chỉ định của bác sĩ.

Đặc tính dược lực học:

Nhóm dược lý: thuốc chống động kinh. Mã ATC: N03AG01.

Valproat có tác dụng chủ yếu trên hệ thần kinh trung ương. Các nghiên cứu thực nghiệm và lâm sàng gợi ý hai cơ chế tác dụng chống co giật.

Đặc tính dược động học:

Hấp thu: sinh khả dụng của valproat trong máu sau khi uống gần như 100%.

Phân bố: thể tích phân bố chủ yếu giới hạn trong máu và dịch ngoại bào trao đổi nhanh.

Thải trừ: valproat được chuyển hóa chủ yếu bởi quá trình glucuronid hóa và beta-oxy hóa.

Quy cách đóng gói: Hộp 1 lọ x 40 viên.

Điều kiện bảo quản: bảo quản dưới 30°C. Đậy kín nắp lọ để tránh ẩm.

Hạn dùng: 36 tháng kể từ ngày sản xuất.

Tiêu chuẩn chất lượng: tiêu chuẩn nhà sản xuất.

Tên và địa chỉ nhà sản xuất: Sanofi Winthrop Industrie, 1 rue de la Vierge, Ambarès et Lagrave, 33565 Carbon Blanc Cedex, Pháp.

Ngày xem xét sửa đổi, cập nhật lại nội dung hướng dẫn sử dụng thuốc.

Tuân thủ hướng dẫn: dùng thuốc đúng theo chỉ định của bác sĩ.

Đặc tính dược lực học:

Nhóm dược lý: thuốc chống động kinh. Mã ATC: N03AG01.

Valproat có tác dụng chủ yếu trên hệ thần kinh trung ương. Các nghiên cứu thực nghiệm và lâm sàng gợi ý hai cơ chế tác dụng chống co giật.

Đặc tính dược động học:

Hấp thu: sinh khả dụng của valproat trong máu sau khi uống gần như 100%.

Phân bố: thể tích phân bố chủ yếu giới hạn trong máu và dịch ngoại bào trao đổi nhanh.

Thải trừ: valproat được chuyển hóa chủ yếu bởi quá trình glucuronid hóa và beta-oxy hóa.

Quy cách đóng gói: Hộp 1 lọ x 40 viên.

Điều kiện bảo quản: bảo quản dưới 30°C. Đậy kín nắp lọ để tránh ẩm.

Hạn dùng: 36 tháng kể từ ngày sản xuất.

Tiêu chuẩn chất lượng: tiêu chuẩn nhà sản xuất.

Tên và địa chỉ nhà sản xuất: Sanofi Winthrop Industrie, 1 rue de la Vierge, Ambarès et Lagrave, 33565 Carbon Blanc Cedex, Pháp.

Ngày xem xét sửa đổi, cập nhật lại nội dung hướng dẫn sử dụng thuốc.

Rối loạn hệ thần kinh: thường gặp suy giảm trí nhớ, đau đầu, rung giật nhãn cầu, chóng mặt.

Không thường gặp: hôn mê, bệnh não, ngủ lịm, hội chứng parkinson có hồi phục, mất điều hòa, dị cảm.

Hiếm gặp: sa sút trí tuệ có hồi phục, rối loạn nhận thức, chứng nhìn đôi.

Rối loạn tai và mê đạo: thường gặp điếc.

Rối loạn mạch máu: thường gặp xuất huyết; không thường gặp viêm mạch.

Rối loạn hô hấp: không thường gặp tràn dịch màng phổi.

Rối loạn tiêu hóa: thường gặp nôn, rối loạn nướu, viêm miệng, đau vùng thượng vị, tiêu chảy.

Rối loạn thận và tiết niệu: hiếm gặp đái dầm, viêm thận kẽ, hội chứng Fanconi có hồi phục.

Rối loạn da và mô dưới da: không thường gặp phù mạch, phát ban, bất thường về tóc.

Hiếm gặp: hoại tử biểu bì nhiễm độc, hội chứng Stevens-Johnson, hồng ban đa dạng.

Rối loạn hệ sinh sản và tuyến vú: thường gặp đau bụng kinh; không thường gặp vô kinh.

Rối loạn cơ xương khớp: không thường gặp giảm mật độ xương, loãng xương.

Thông báo cho bác sĩ những tác dụng không mong muốn gặp phải khi sử dụng thuốc.

Tuân thủ hướng dẫn: dùng thuốc đúng theo chỉ định của bác sĩ.

Đặc tính dược lực học:

Nhóm dược lý: thuốc chống động kinh. Mã ATC: N03AG01.

Valproat có tác dụng chủ yếu trên hệ thần kinh trung ương. Các nghiên cứu thực nghiệm và lâm sàng gợi ý hai cơ chế tác dụng chống co giật.

Đặc tính dược động học:

Hấp thu: sinh khả dụng của valproat trong máu sau khi uống gần như 100%.

Phân bố: thể tích phân bố chủ yếu giới hạn trong máu và dịch ngoại bào trao đổi nhanh.

Thải trừ: valproat được chuyển hóa chủ yếu bởi quá trình glucuronid hóa và beta-oxy hóa.

Quy cách đóng gói: Hộp 1 lọ x 40 viên.

Điều kiện bảo quản: bảo quản dưới 30°C. Đậy kín nắp lọ để tránh ẩm.

Hạn dùng: 36 tháng kể từ ngày sản xuất.

Tiêu chuẩn chất lượng: tiêu chuẩn nhà sản xuất.

Tên và địa chỉ nhà sản xuất: Sanofi Winthrop Industrie, 1 rue de la Vierge, Ambarès et Lagrave, 33565 Carbon Blanc Cedex, Pháp.

Ngày xem xét sửa đổi, cập nhật lại nội dung hướng dẫn sử dụng thuốc.

Rối loạn hệ thần kinh: thường gặp suy giảm trí nhớ, đau đầu, rung giật nhãn cầu, chóng mặt.

Không thường gặp: hôn mê, bệnh não, ngủ lịm, hội chứng parkinson có hồi phục, mất điều hòa, dị cảm.

Hiếm gặp: sa sút trí tuệ có hồi phục, rối loạn nhận thức, chứng nhìn đôi.

Rối loạn tai và mê đạo: thường gặp điếc.

Rối loạn mạch máu: thường gặp xuất huyết; không thường gặp viêm mạch.

Rối loạn hô hấp: không thường gặp tràn dịch màng phổi.

Rối loạn tiêu hóa: thường gặp nôn, rối loạn nướu, viêm miệng, đau vùng thượng vị, tiêu chảy.

Rối loạn thận và tiết niệu: hiếm gặp đái dầm, viêm thận kẽ, hội chứng Fanconi có hồi phục.

Rối loạn da và mô dưới da: không thường gặp phù mạch, phát ban, bất thường về tóc.

Hiếm gặp: hoại tử biểu bì nhiễm độc, hội chứng Stevens-Johnson, hồng ban đa dạng.

Rối loạn hệ sinh sản và tuyến vú: thường gặp đau bụng kinh; không thường gặp vô kinh.

Rối loạn cơ xương khớp: không thường gặp giảm mật độ xương, loãng xương.

Thông báo cho bác sĩ những tác dụng không mong muốn gặp phải khi sử dụng thuốc.

Tuân thủ hướng dẫn: dùng thuốc đúng theo chỉ định của bác sĩ.

Đặc tính dược lực học:

Nhóm dược lý: thuốc chống động kinh. Mã ATC: N03AG01.

Valproat có tác dụng chủ yếu trên hệ thần kinh trung ương. Các nghiên cứu thực nghiệm và lâm sàng gợi ý hai cơ chế tác dụng chống co giật.

Đặc tính dược động học:

Hấp thu: sinh khả dụng của valproat trong máu sau khi uống gần như 100%.

Phân bố: thể tích phân bố chủ yếu giới hạn trong máu và dịch ngoại bào trao đổi nhanh.

Thải trừ: valproat được chuyển hóa chủ yếu bởi quá trình glucuronid hóa và beta-oxy hóa.

Quy cách đóng gói: Hộp 1 lọ x 40 viên.

Điều kiện bảo quản: bảo quản dưới 30°C. Đậy kín nắp lọ để tránh ẩm.

Hạn dùng: 36 tháng kể từ ngày sản xuất.

Tiêu chuẩn chất lượng: tiêu chuẩn nhà sản xuất.

Tên và địa chỉ nhà sản xuất: Sanofi Winthrop Industrie, 1 rue de la Vierge, Ambarès et Lagrave, 33565 Carbon Blanc Cedex, Pháp.

Ngày xem xét sửa đổi, cập nhật lại nội dung hướng dẫn sử dụng thuốc.

Rối loạn hệ thần kinh: thường gặp suy giảm trí nhớ, đau đầu, rung giật nhãn cầu, chóng mặt.

Không thường gặp: hôn mê, bệnh não, ngủ lịm, hội chứng parkinson có hồi phục, mất điều hòa, dị cảm.

Hiếm gặp: sa sút trí tuệ có hồi phục, rối loạn nhận thức, chứng nhìn đôi.

Rối loạn tai và mê đạo: thường gặp điếc.

Rối loạn mạch máu: thường gặp xuất huyết; không thường gặp viêm mạch.

Rối loạn hô hấp: không thường gặp tràn dịch màng phổi.

Rối loạn tiêu hóa: thường gặp nôn, rối loạn nướu, viêm miệng, đau vùng thượng vị, tiêu chảy.

Rối loạn thận và tiết niệu: hiếm gặp đái dầm, viêm thận kẽ, hội chứng Fanconi có hồi phục.

Rối loạn da và mô dưới da: không thường gặp phù mạch, phát ban, bất thường về tóc.

Hiếm gặp: hoại tử biểu bì nhiễm độc, hội chứng Stevens-Johnson, hồng ban đa dạng.

Rối loạn hệ sinh sản và tuyến vú: thường gặp đau bụng kinh; không thường gặp vô kinh.

Rối loạn cơ xương khớp: không thường gặp giảm mật độ xương, loãng xương.

Thông báo cho bác sĩ những tác dụng không mong muốn gặp phải khi sử dụng thuốc.

Tác dụng không mong muốn:

Dị tật bẩm sinh và rối loạn phát triển: xem mục Cảnh báo và thận trọng.

Rối loạn gan mật: tổn thương gan thường gặp.

Rối loạn hệ thần kinh: rất thường gặp run; thường gặp rối loạn ngoại tháp, sững sờ, ngủ gà, co giật, suy giảm trí nhớ.

Rối loạn tâm thần: thường gặp trạng thái lú lẫn, ảo giác, hung hăng, kích động.

Rối loạn chuyển hóa và dinh dưỡng: thường gặp hạ natri máu, tăng cân.

Rối loạn hệ máu và bạch huyết: thường gặp thiếu máu, giảm tiểu cầu.

Rối loạn tiêu hóa: rất thường gặp buồn nôn; thường gặp nôn, chứng viêm lợi, viêm miệng, tiêu chảy.

Rối loạn da và mô dưới da: thường gặp quá mẫn, rụng tóc tạm thời, rối loạn về móng.

Rối loạn thận và tiết niệu: không thường gặp suy thận.

Quá liều và cách xử trí:

Dấu hiệu lâm sàng của quá liều cấp tính thường là hôn mê nhẹ hoặc sâu, kèm theo giảm trương lực cơ, giảm phản xạ, co đồng tử.

Xử trí tại bệnh viện: rửa dạ dày, theo dõi chức năng tim mạch và hô hấp.

Nhà sản xuất: Sanofi Winthrop Industrie.

Rối loạn hệ thần kinh: thường gặp suy giảm trí nhớ, đau đầu, rung giật nhãn cầu, chóng mặt.

Không thường gặp: hôn mê, bệnh não, ngủ lịm, hội chứng parkinson có hồi phục, mất điều hòa, dị cảm.

Hiếm gặp: sa sút trí tuệ có hồi phục, rối loạn nhận thức, chứng nhìn đôi.

Rối loạn tai và mê đạo: thường gặp điếc.

Rối loạn mạch máu: thường gặp xuất huyết; không thường gặp viêm mạch.

Rối loạn hô hấp: không thường gặp tràn dịch màng phổi.

Rối loạn tiêu hóa: thường gặp nôn, rối loạn nướu, viêm miệng, đau vùng thượng vị, tiêu chảy.

Rối loạn thận và tiết niệu: hiếm gặp đái dầm, viêm thận kẽ, hội chứng Fanconi có hồi phục.

Rối loạn da và mô dưới da: không thường gặp phù mạch, phát ban, bất thường về tóc.

Hiếm gặp: hoại tử biểu bì nhiễm độc, hội chứng Stevens-Johnson, hồng ban đa dạng.

Rối loạn hệ sinh sản và tuyến vú: thường gặp đau bụng kinh; không thường gặp vô kinh.

Rối loạn cơ xương khớp: không thường gặp giảm mật độ xương, loãng xương.

Thông báo cho bác sĩ những tác dụng không mong muốn gặp phải khi sử dụng thuốc.

Tác dụng không mong muốn:

Dị tật bẩm sinh và rối loạn phát triển: xem mục Cảnh báo và thận trọng.

Rối loạn gan mật: tổn thương gan thường gặp.

Rối loạn hệ thần kinh: rất thường gặp run; thường gặp rối loạn ngoại tháp, sững sờ, ngủ gà, co giật, suy giảm trí nhớ.

Rối loạn tâm thần: thường gặp trạng thái lú lẫn, ảo giác, hung hăng, kích động.

Rối loạn chuyển hóa và dinh dưỡng: thường gặp hạ natri máu, tăng cân.

Rối loạn hệ máu và bạch huyết: thường gặp thiếu máu, giảm tiểu cầu.

Rối loạn tiêu hóa: rất thường gặp buồn nôn; thường gặp nôn, chứng viêm lợi, viêm miệng, tiêu chảy.

Rối loạn da và mô dưới da: thường gặp quá mẫn, rụng tóc tạm thời, rối loạn về móng.

Rối loạn thận và tiết niệu: không thường gặp suy thận.

Quá liều và cách xử trí:

Dấu hiệu lâm sàng của quá liều cấp tính thường là hôn mê nhẹ hoặc sâu, kèm theo giảm trương lực cơ, giảm phản xạ, co đồng tử.

Xử trí tại bệnh viện: rửa dạ dày, theo dõi chức năng tim mạch và hô hấp.

Nhà sản xuất: Sanofi Winthrop Industrie.

Rối loạn hệ thần kinh: thường gặp suy giảm trí nhớ, đau đầu, rung giật nhãn cầu, chóng mặt.

Không thường gặp: hôn mê, bệnh não, ngủ lịm, hội chứng parkinson có hồi phục, mất điều hòa, dị cảm.

Hiếm gặp: sa sút trí tuệ có hồi phục, rối loạn nhận thức, chứng nhìn đôi.

Rối loạn tai và mê đạo: thường gặp điếc.

Rối loạn mạch máu: thường gặp xuất huyết; không thường gặp viêm mạch.

Rối loạn hô hấp: không thường gặp tràn dịch màng phổi.

Rối loạn tiêu hóa: thường gặp nôn, rối loạn nướu, viêm miệng, đau vùng thượng vị, tiêu chảy.

Rối loạn thận và tiết niệu: hiếm gặp đái dầm, viêm thận kẽ, hội chứng Fanconi có hồi phục.

Rối loạn da và mô dưới da: không thường gặp phù mạch, phát ban, bất thường về tóc.

Hiếm gặp: hoại tử biểu bì nhiễm độc, hội chứng Stevens-Johnson, hồng ban đa dạng.

Rối loạn hệ sinh sản và tuyến vú: thường gặp đau bụng kinh; không thường gặp vô kinh.

Rối loạn cơ xương khớp: không thường gặp giảm mật độ xương, loãng xương.

Thông báo cho bác sĩ những tác dụng không mong muốn gặp phải khi sử dụng thuốc.

Tuân thủ hướng dẫn: dùng thuốc đúng theo chỉ định của bác sĩ.

Đặc tính dược lực học:

Nhóm dược lý: thuốc chống động kinh. Mã ATC: N03AG01.

Valproat có tác dụng chủ yếu trên hệ thần kinh trung ương. Các nghiên cứu thực nghiệm và lâm sàng gợi ý hai cơ chế tác dụng chống co giật.

Đặc tính dược động học:

Hấp thu: sinh khả dụng của valproat trong máu sau khi uống gần như 100%.

Phân bố: thể tích phân bố chủ yếu giới hạn trong máu và dịch ngoại bào trao đổi nhanh.

Thải trừ: valproat được chuyển hóa chủ yếu bởi quá trình glucuronid hóa và beta-oxy hóa.

Quy cách đóng gói: Hộp 1 lọ x 40 viên.

Điều kiện bảo quản: bảo quản dưới 30°C. Đậy kín nắp lọ để tránh ẩm.

Hạn dùng: 36 tháng kể từ ngày sản xuất.

Tiêu chuẩn chất lượng: tiêu chuẩn nhà sản xuất.

Tên và địa chỉ nhà sản xuất: Sanofi Winthrop Industrie, 1 rue de la Vierge, Ambarès et Lagrave, 33565 Carbon Blanc Cedex, Pháp.

Ngày xem xét sửa đổi, cập nhật lại nội dung hướng dẫn sử dụng thuốc.

TÁC DỤNG KHÔNG MONG MUỐN:

Rối loạn máu: giảm tiểu cầu, thiếu máu, giảm bạch cầu.

Rối loạn hệ thần kinh: run, ngủ gà, co giật, suy giảm trí nhớ, đau đầu, rung giật nhãn cầu.

Rối loạn tiêu hóa: buồn nôn, nôn, tiêu chảy, đau bụng, viêm tụy.

Rối loạn gan mật: tổn thương gan.

Rối loạn da: rụng tóc, phát ban, hội chứng Stevens-Johnson.

Rối loạn chuyển hóa: hạ natri máu, tăng cân, tăng amoniac máu.

Rối loạn sinh sản: vô kinh, kinh nguyệt không đều, vô sinh nam.

QUÁ LIỀU VÀ CÁCH XỬ TRÍ:

Dấu hiệu: hôn mê có giảm trương lực cơ, giảm phản xạ, co đồng tử, suy hô hấp, nhiễm toan chuyển hóa.

Xử trí: rửa dạ dày, lợi tiểu thẩm thấu, theo dõi tim mạch, hô hấp. Trường hợp nặng có thể lọc máu.

ĐẶC TÍNH DƯỢC LỰC HỌC:

Valproat là thuốc chống động kinh, tác dụng chủ yếu trên hệ thần kinh trung ương, làm tăng nồng độ GABA.

ĐẶC TÍNH DƯỢC ĐỘNG HỌC:

Sinh khả dụng gần 100%. Gắn với protein huyết tương cao. Thời gian bán thải 15 - 17 giờ. Chuyển hóa chủ yếu tại gan.

QUY CÁCH ĐÓNG GÓI:

Hộp 1 lọ x 40 viên.

ĐIỀU KIỆN BẢO QUẢN:

Bảo quản dưới 30°C, tránh ẩm.

HẠN DÙNG: 36 tháng kể từ ngày sản xuất.

TIÊU CHUẨN: Nhà sản xuất.

Tuân thủ hướng dẫn: dùng thuốc đúng theo chỉ định của bác sĩ.

Đặc tính dược lực học:

Nhóm dược lý: thuốc chống động kinh. Mã ATC: N03AG01.

Valproat có tác dụng chủ yếu trên hệ thần kinh trung ương. Các nghiên cứu thực nghiệm và lâm sàng gợi ý hai cơ chế tác dụng chống co giật.

Đặc tính dược động học:

Hấp thu: sinh khả dụng của valproat trong máu sau khi uống gần như 100%.

Phân bố: thể tích phân bố chủ yếu giới hạn trong máu và dịch ngoại bào trao đổi nhanh.

Thải trừ: valproat được chuyển hóa chủ yếu bởi quá trình glucuronid hóa và beta-oxy hóa.

Quy cách đóng gói: Hộp 1 lọ x 40 viên.

Điều kiện bảo quản: bảo quản dưới 30°C. Đậy kín nắp lọ để tránh ẩm.

Hạn dùng: 36 tháng kể từ ngày sản xuất.

Tiêu chuẩn chất lượng: tiêu chuẩn nhà sản xuất.

Tên và địa chỉ nhà sản xuất: Sanofi Winthrop Industrie, 1 rue de la Vierge, Ambarès et Lagrave, 33565 Carbon Blanc Cedex, Pháp.

Ngày xem xét sửa đổi, cập nhật lại nội dung hướng dẫn sử dụng thuốc.

TÁC DỤNG KHÔNG MONG MUỐN:

Rối loạn máu: giảm tiểu cầu, thiếu máu, giảm bạch cầu.

Rối loạn hệ thần kinh: run, ngủ gà, co giật, suy giảm trí nhớ, đau đầu, rung giật nhãn cầu.

Rối loạn tiêu hóa: buồn nôn, nôn, tiêu chảy, đau bụng, viêm tụy.

Rối loạn gan mật: tổn thương gan.

Rối loạn da: rụng tóc, phát ban, hội chứng Stevens-Johnson.

Rối loạn chuyển hóa: hạ natri máu, tăng cân, tăng amoniac máu.

Rối loạn sinh sản: vô kinh, kinh nguyệt không đều, vô sinh nam.

QUÁ LIỀU VÀ CÁCH XỬ TRÍ:

Dấu hiệu: hôn mê có giảm trương lực cơ, giảm phản xạ, co đồng tử, suy hô hấp, nhiễm toan chuyển hóa.

Xử trí: rửa dạ dày, lợi tiểu thẩm thấu, theo dõi tim mạch, hô hấp. Trường hợp nặng có thể lọc máu.

ĐẶC TÍNH DƯỢC LỰC HỌC:

Valproat là thuốc chống động kinh, tác dụng chủ yếu trên hệ thần kinh trung ương, làm tăng nồng độ GABA.

ĐẶC TÍNH DƯỢC ĐỘNG HỌC:

Sinh khả dụng gần 100%. Gắn với protein huyết tương cao. Thời gian bán thải 15 - 17 giờ. Chuyển hóa chủ yếu tại gan.

QUY CÁCH ĐÓNG GÓI:

Hộp 1 lọ x 40 viên.

ĐIỀU KIỆN BẢO QUẢN:
